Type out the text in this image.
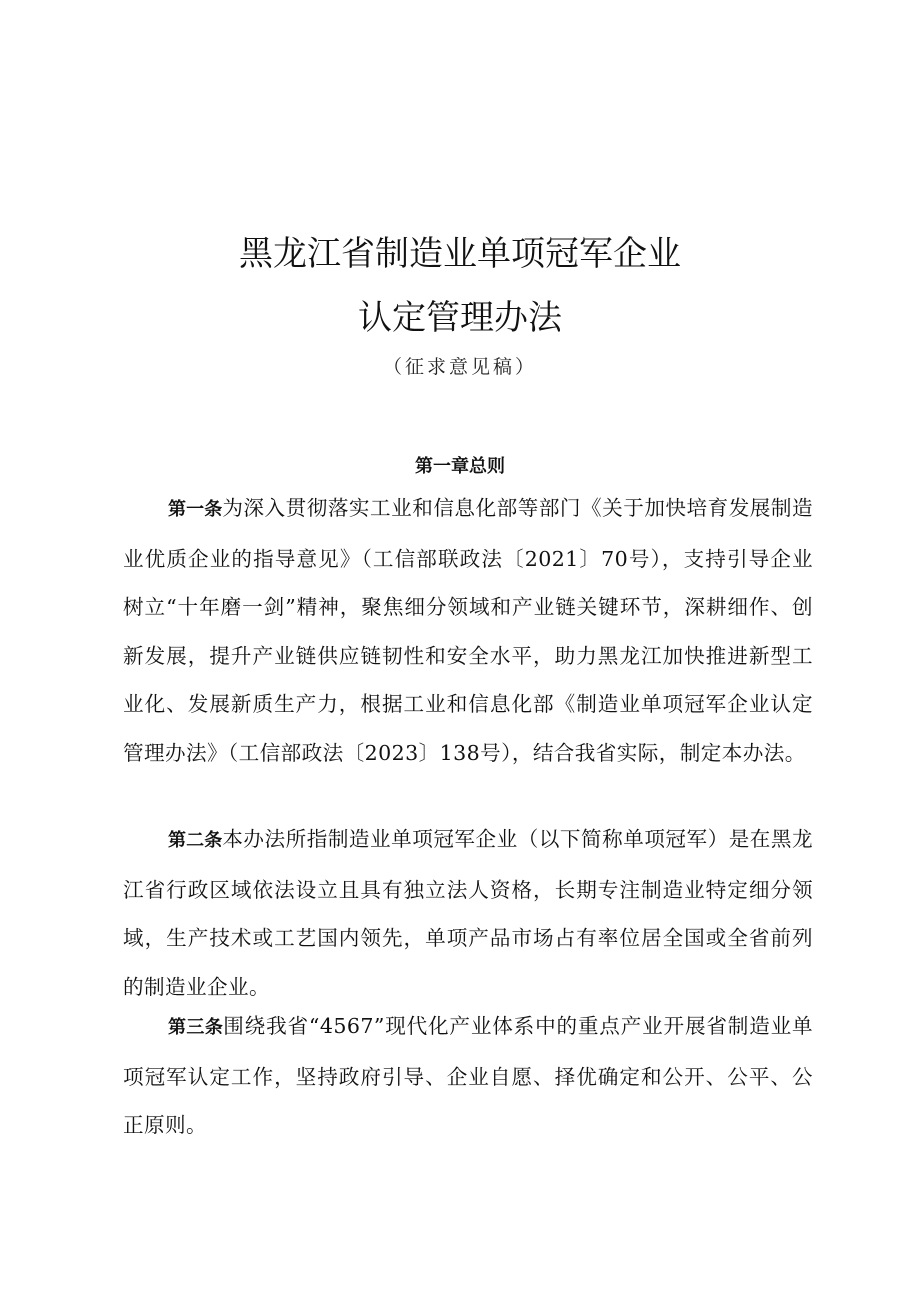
黑龙江省制造业单项冠军企业
认定管理办法
（征求意见稿）
第一章总则

第一条为深入贯彻落实工业和信息化部等部门《关于加快培育发展制造业优质企业的指导意见》（工信部联政法〔2021〕70号），支持引导企业树立“十年磨一剑”精神，聚焦细分领域和产业链关键环节，深耕细作、创新发展，提升产业链供应链韧性和安全水平，助力黑龙江加快推进新型工业化、发展新质生产力，根据工业和信息化部《制造业单项冠军企业认定管理办法》（工信部政法〔2023〕138号），结合我省实际，制定本办法。

第二条本办法所指制造业单项冠军企业（以下简称单项冠军）是在黑龙江省行政区域依法设立且具有独立法人资格，长期专注制造业特定细分领域，生产技术或工艺国内领先，单项产品市场占有率位居全国或全省前列的制造业企业。

第三条围绕我省“4567”现代化产业体系中的重点产业开展省制造业单项冠军认定工作，坚持政府引导、企业自愿、择优确定和公开、公平、公正原则。
